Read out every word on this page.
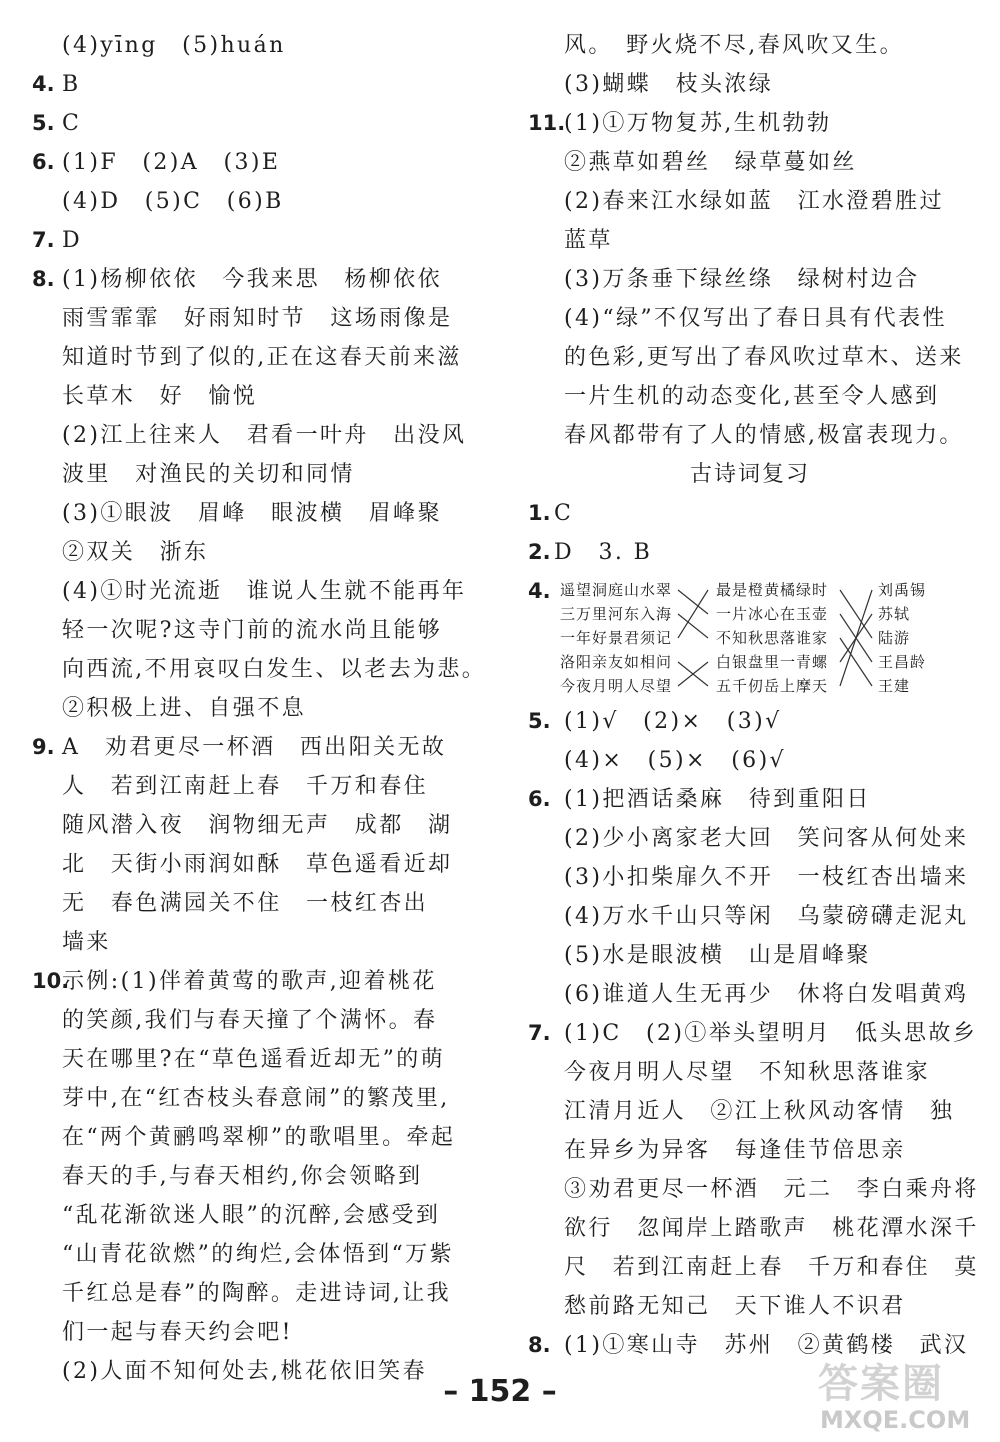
(4)yīng　(5)huán
4. B
5. C
6. (1)F　(2)A　(3)E
(4)D　(5)C　(6)B
7. D
8. (1)杨柳依依　今我来思　杨柳依依
雨雪霏霏　好雨知时节　这场雨像是
知道时节到了似的,正在这春天前来滋
长草木　好　愉悦
(2)江上往来人　君看一叶舟　出没风
波里　对渔民的关切和同情
(3)①眼波　眉峰　眼波横　眉峰聚
②双关　浙东
(4)①时光流逝　谁说人生就不能再年
轻一次呢?这寺门前的流水尚且能够
向西流,不用哀叹白发生、以老去为悲。
②积极上进、自强不息
9. A　劝君更尽一杯酒　西出阳关无故
人　若到江南赶上春　千万和春住
随风潜入夜　润物细无声　成都　湖
北　天街小雨润如酥　草色遥看近却
无　春色满园关不住　一枝红杏出
墙来
10.
示例:(1)伴着黄莺的歌声,迎着桃花
的笑颜,我们与春天撞了个满怀。春
天在哪里?在“草色遥看近却无”的萌
芽中,在“红杏枝头春意闹”的繁茂里,
在“两个黄鹂鸣翠柳”的歌唱里。牵起
春天的手,与春天相约,你会领略到
“乱花渐欲迷人眼”的沉醉,会感受到
“山青花欲燃”的绚烂,会体悟到“万紫
千红总是春”的陶醉。走进诗词,让我
们一起与春天约会吧!
(2)人面不知何处去,桃花依旧笑春
风。　野火烧不尽,春风吹又生。
(3)蝴蝶　枝头浓绿
11.
(1)①万物复苏,生机勃勃
②燕草如碧丝　绿草蔓如丝
(2)春来江水绿如蓝　江水澄碧胜过
蓝草
(3)万条垂下绿丝绦　绿树村边合
(4)“绿”不仅写出了春日具有代表性
的色彩,更写出了春风吹过草木、送来
一片生机的动态变化,甚至令人感到
春风都带有了人的情感,极富表现力。
古诗词复习
1. C
2. D　3. B
4.
5. (1)√　(2)×　(3)√
(4)×　(5)×　(6)√
6. (1)把酒话桑麻　待到重阳日
(2)少小离家老大回　笑问客从何处来
(3)小扣柴扉久不开　一枝红杏出墙来
(4)万水千山只等闲　乌蒙磅礴走泥丸
(5)水是眼波横　山是眉峰聚
(6)谁道人生无再少　休将白发唱黄鸡
7. (1)C　(2)①举头望明月　低头思故乡
今夜月明人尽望　不知秋思落谁家
江清月近人　②江上秋风动客情　独
在异乡为异客　每逢佳节倍思亲
③劝君更尽一杯酒　元二　李白乘舟将
欲行　忽闻岸上踏歌声　桃花潭水深千
尺　若到江南赶上春　千万和春住　莫
愁前路无知己　天下谁人不识君
8. (1)①寒山寺　苏州　②黄鹤楼　武汉
遥望洞庭山水翠
三万里河东入海
一年好景君须记
洛阳亲友如相问
今夜月明人尽望
最是橙黄橘绿时
一片冰心在玉壶
不知秋思落谁家
白银盘里一青螺
五千仞岳上摩天
刘禹锡
苏轼
陆游
王昌龄
王建
– 152 –	答案圈
MXQE.COM
